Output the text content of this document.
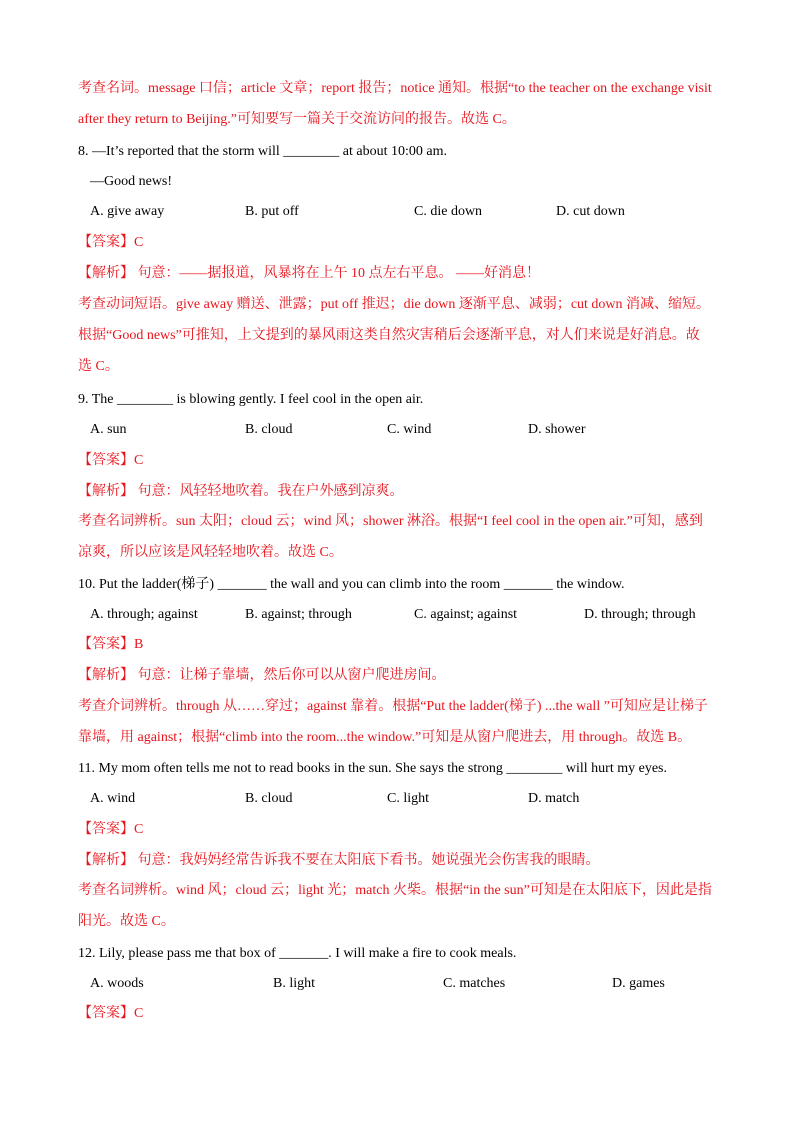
考查名词。message 口信；article 文章；report 报告；notice 通知。根据“to the teacher on the exchange visit
after they return to Beijing.”可知要写一篇关于交流访问的报告。故选 C。
8. —It’s reported that the storm will ________ at about 10:00 am.
—Good news!
A. give away	B. put off	C. die down	D. cut down
【答案】C
【解析】 句意：——据报道，风暴将在上午 10 点左右平息。 ——好消息！
考查动词短语。give away 赠送、泄露；put off 推迟；die down 逐渐平息、减弱；cut down 消减、缩短。
根据“Good news”可推知，上文提到的暴风雨这类自然灾害稍后会逐渐平息，对人们来说是好消息。故
选 C。
9. The ________ is blowing gently. I feel cool in the open air.
A. sun	B. cloud	C. wind	D. shower
【答案】C
【解析】 句意：风轻轻地吹着。我在户外感到凉爽。
考查名词辨析。sun 太阳；cloud 云；wind 风；shower 淋浴。根据“I feel cool in the open air.”可知，感到
凉爽，所以应该是风轻轻地吹着。故选 C。
10. Put the ladder(梯子) _______ the wall and you can climb into the room _______ the window.
A. through; against	B. against; through	C. against; against	D. through; through
【答案】B
【解析】 句意：让梯子靠墙，然后你可以从窗户爬进房间。
考查介词辨析。through 从……穿过；against 靠着。根据“Put the ladder(梯子) ...the wall ”可知应是让梯子
靠墙，用 against；根据“climb into the room...the window.”可知是从窗户爬进去，用 through。故选 B。
11. My mom often tells me not to read books in the sun. She says the strong ________ will hurt my eyes.
A. wind	B. cloud	C. light	D. match
【答案】C
【解析】 句意：我妈妈经常告诉我不要在太阳底下看书。她说强光会伤害我的眼睛。
考查名词辨析。wind 风；cloud 云；light 光；match 火柴。根据“in the sun”可知是在太阳底下，因此是指
阳光。故选 C。
12. Lily, please pass me that box of _______. I will make a fire to cook meals.
A. woods	B. light	C. matches	D. games
【答案】C
